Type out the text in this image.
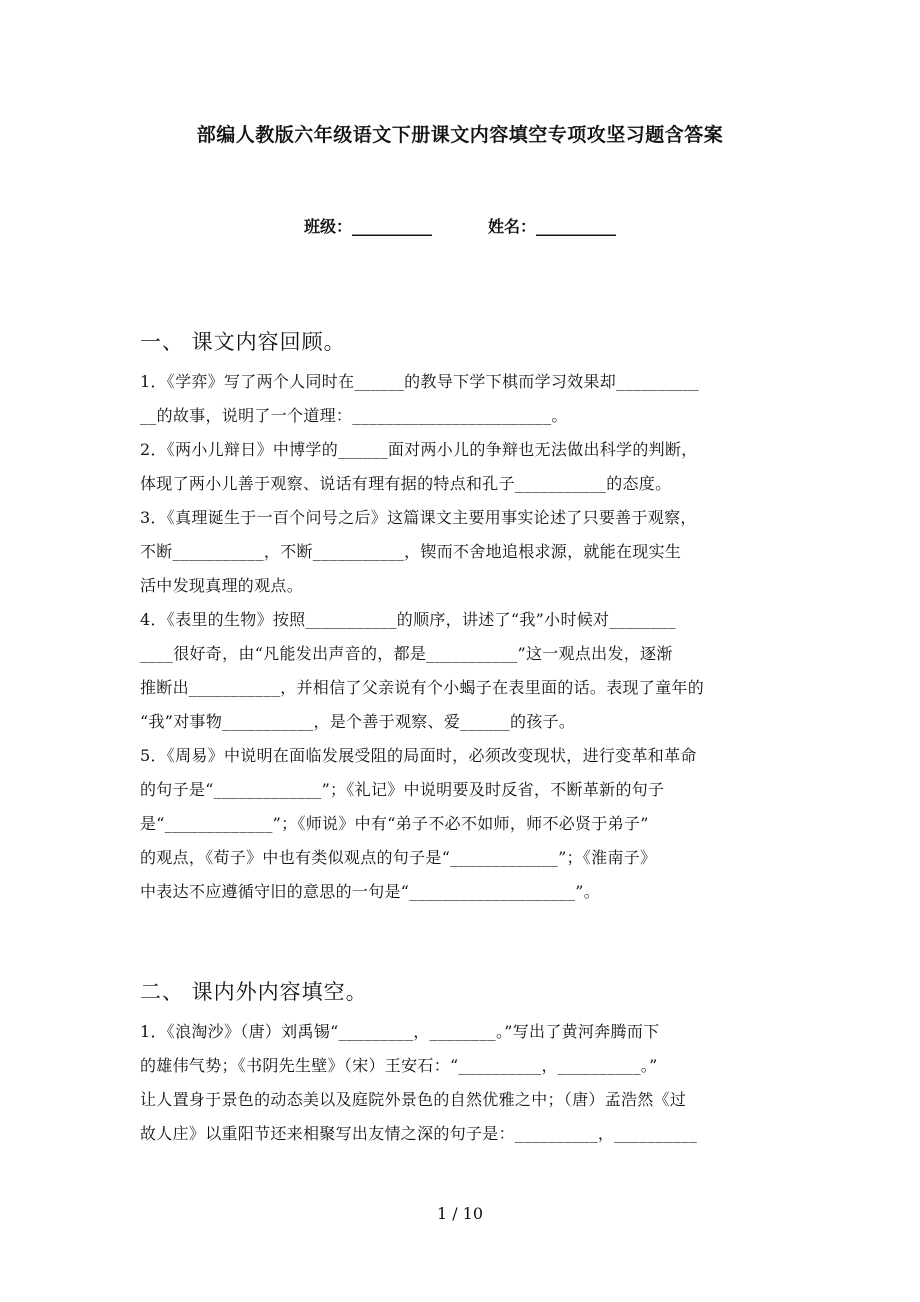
部编人教版六年级语文下册课文内容填空专项攻坚习题含答案
班级：__________	姓名：__________
一、 课文内容回顾。

1．《学弈》写了两个人同时在______的教导下学下棋而学习效果却__________

__的故事，说明了一个道理：________________________。

2．《两小儿辩日》中博学的______面对两小儿的争辩也无法做出科学的判断，

体现了两小儿善于观察、说话有理有据的特点和孔子___________的态度。

3．《真理诞生于一百个问号之后》这篇课文主要用事实论述了只要善于观察，

不断___________，不断___________，锲而不舍地追根求源，就能在现实生

活中发现真理的观点。

4．《表里的生物》按照___________的顺序，讲述了“我”小时候对________

____很好奇，由“凡能发出声音的，都是___________”这一观点出发，逐渐

推断出___________，并相信了父亲说有个小蝎子在表里面的话。表现了童年的

“我”对事物___________，是个善于观察、爱______的孩子。

5．《周易》中说明在面临发展受阻的局面时，必须改变现状，进行变革和革命

的句子是“_____________”；《礼记》中说明要及时反省，不断革新的句子

是“_____________”；《师说》中有“弟子不必不如师，师不必贤于弟子”

的观点，《荀子》中也有类似观点的句子是“_____________”；《淮南子》

中表达不应遵循守旧的意思的一句是“____________________”。

二、 课内外内容填空。

1．《浪淘沙》（唐）刘禹锡“_________，________。”写出了黄河奔腾而下

的雄伟气势；《书阴先生壁》（宋）王安石：“__________，__________。”

让人置身于景色的动态美以及庭院外景色的自然优雅之中；（唐）孟浩然《过

故人庄》以重阳节还来相聚写出友情之深的句子是：__________，__________

1 / 10
